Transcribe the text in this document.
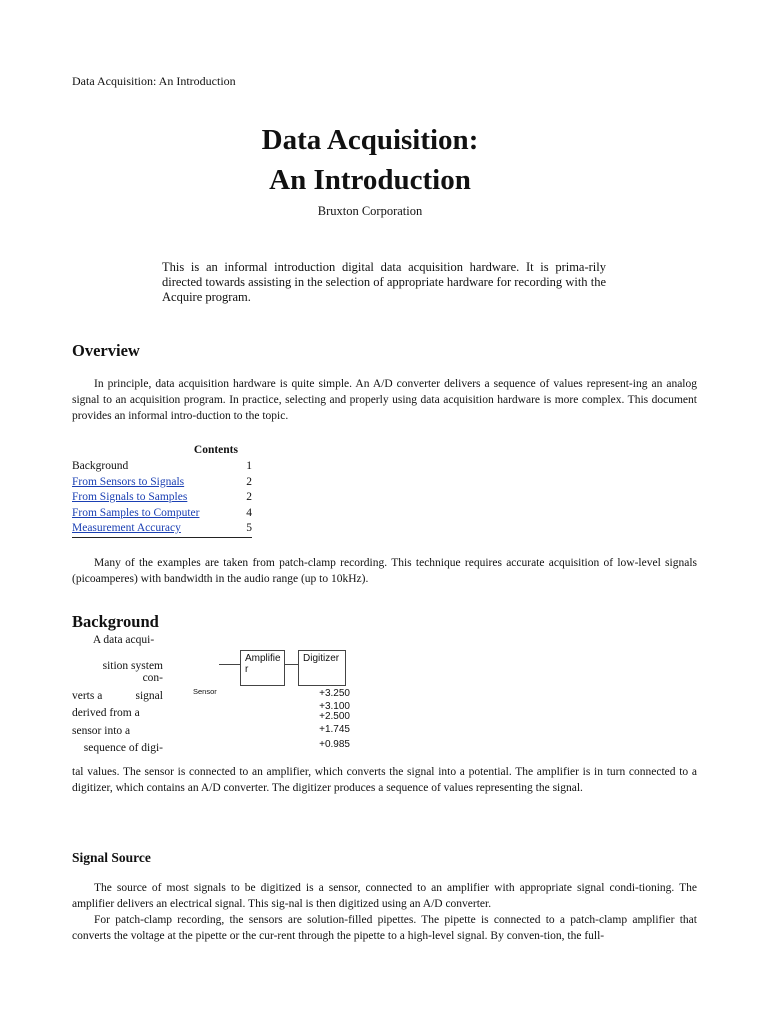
Data Acquisition: An Introduction
Data Acquisition:
An Introduction
Bruxton Corporation
This is an informal introduction digital data acquisition hardware. It is prima-rily directed towards assisting in the selection of appropriate hardware for recording with the Acquire program.
Overview
In principle, data acquisition hardware is quite simple. An A/D converter delivers a sequence of values represent-ing an analog signal to an acquisition program. In practice, selecting and properly using data acquisition hardware is more complex. This document provides an informal intro-duction to the topic.
Contents
Background	1
From Sensors to Signals	2
From Signals to Samples	2
From Samples to Computer	4
Measurement Accuracy	5
Many of the examples are taken from patch-clamp recording. This technique requires accurate acquisition of low-level signals (picoamperes) with bandwidth in the audio range (up to 10kHz).
Background
A data acqui-
sition system
con-
verts a	signal
derived from a
sensor into a
sequence of digi-
Amplifie r
Digitizer
Sensor	+3.250
+3.100
+2.500
+1.745
+0.985
tal values. The sensor is connected to an amplifier, which converts the signal into a potential. The amplifier is in turn connected to a digitizer, which contains an A/D converter. The digitizer produces a sequence of values representing the signal.
Signal Source
The source of most signals to be digitized is a sensor, connected to an amplifier with appropriate signal condi-tioning. The amplifier delivers an electrical signal. This sig-nal is then digitized using an A/D converter.
For patch-clamp recording, the sensors are solution-filled pipettes. The pipette is connected to a patch-clamp amplifier that converts the voltage at the pipette or the cur-rent through the pipette to a high-level signal. By conven-tion, the full-
